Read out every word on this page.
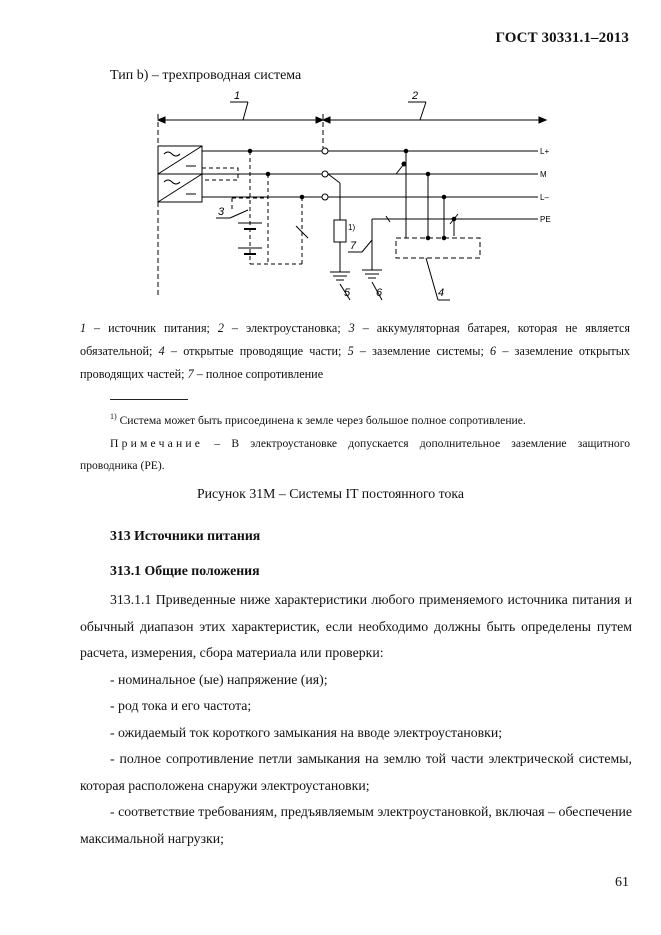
ГОСТ 30331.1–2013
Тип b) – трехпроводная система
1	2
3
4
5 6
7
L+
M
L–
PE
1)
1 – источник питания; 2 – электроустановка; 3 – аккумуляторная батарея, которая не является обязательной; 4 – открытые проводящие части; 5 – заземление системы; 6 – заземление открытых проводящих частей; 7 – полное сопротивление
$^{1)}$ Система может быть присоединена к земле через большое полное сопротивление.
Примечание – В электроустановке допускается дополнительное заземление защитного проводника (PE).
Рисунок 31М – Системы IT постоянного тока
313 Источники питания
313.1 Общие положения

313.1.1 Приведенные ниже характеристики любого применяемого источника питания и обычный диапазон этих характеристик, если необходимо должны быть определены путем расчета, измерения, сбора материала или проверки:

- номинальное (ые) напряжение (ия);

- род тока и его частота;

- ожидаемый ток короткого замыкания на вводе электроустановки;

- полное сопротивление петли замыкания на землю той части электрической системы, которая расположена снаружи электроустановки;

- соответствие требованиям, предъявляемым электроустановкой, включая – обеспечение максимальной нагрузки;

61
